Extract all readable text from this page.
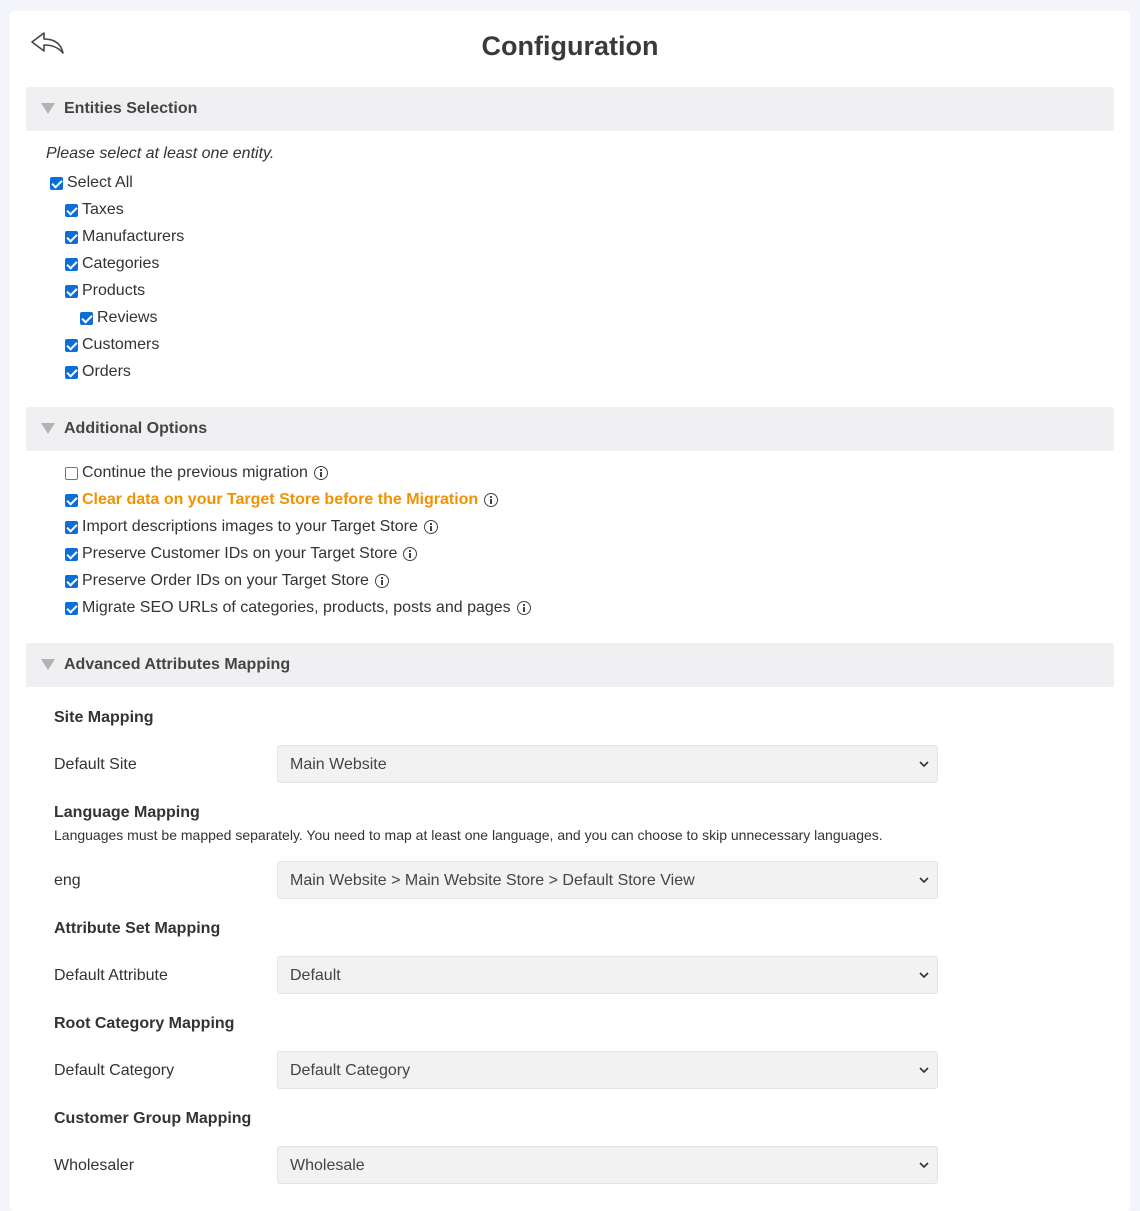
Configuration
Entities Selection
Please select at least one entity.
Select All
Taxes
Manufacturers
Categories
Products
Reviews
Customers
Orders
Additional Options
Continue the previous migration
Clear data on your Target Store before the Migration
Import descriptions images to your Target Store
Preserve Customer IDs on your Target Store
Preserve Order IDs on your Target Store
Migrate SEO URLs of categories, products, posts and pages
Advanced Attributes Mapping
Site Mapping
Default Site	Main Website
Language Mapping
Languages must be mapped separately. You need to map at least one language, and you can choose to skip unnecessary languages.
eng	Main Website > Main Website Store > Default Store View
Attribute Set Mapping
Default Attribute	Default
Root Category Mapping
Default Category	Default Category
Customer Group Mapping
Wholesaler	Wholesale
